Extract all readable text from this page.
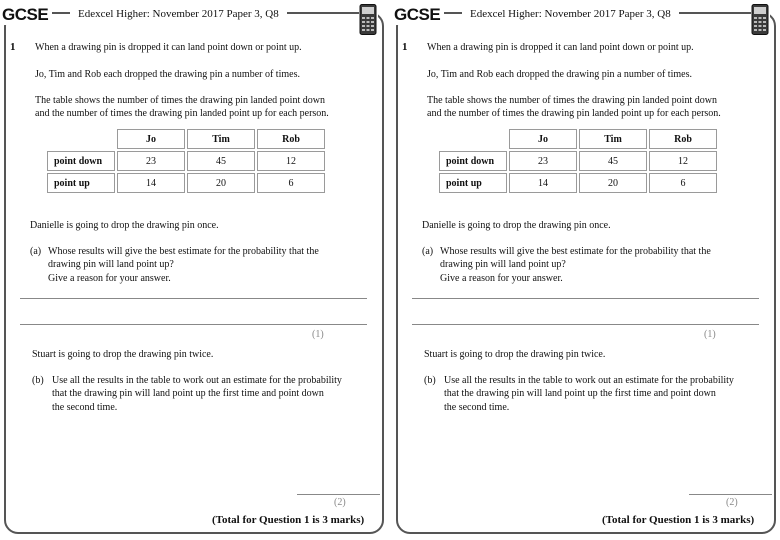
GCSE	Edexcel Higher: November 2017 Paper 3, Q8
1 When a drawing pin is dropped it can land point down or point up.
Jo, Tim and Rob each dropped the drawing pin a number of times.
The table shows the number of times the drawing pin landed point down
and the number of times the drawing pin landed point up for each person.
	Jo	Tim	Rob
point down	23	45	12
point up	14	20	6
Danielle is going to drop the drawing pin once.
(a) Whose results will give the best estimate for the probability that the
drawing pin will land point up?
Give a reason for your answer.
(1)
Stuart is going to drop the drawing pin twice.
(b) Use all the results in the table to work out an estimate for the probability
that the drawing pin will land point up the first time and point down
the second time.
(2)
(Total for Question 1 is 3 marks)
GCSE	Edexcel Higher: November 2017 Paper 3, Q8
1 When a drawing pin is dropped it can land point down or point up.
Jo, Tim and Rob each dropped the drawing pin a number of times.
The table shows the number of times the drawing pin landed point down
and the number of times the drawing pin landed point up for each person.
	Jo	Tim	Rob
point down	23	45	12
point up	14	20	6
Danielle is going to drop the drawing pin once.
(a) Whose results will give the best estimate for the probability that the
drawing pin will land point up?
Give a reason for your answer.
(1)
Stuart is going to drop the drawing pin twice.
(b) Use all the results in the table to work out an estimate for the probability
that the drawing pin will land point up the first time and point down
the second time.
(2)
(Total for Question 1 is 3 marks)
